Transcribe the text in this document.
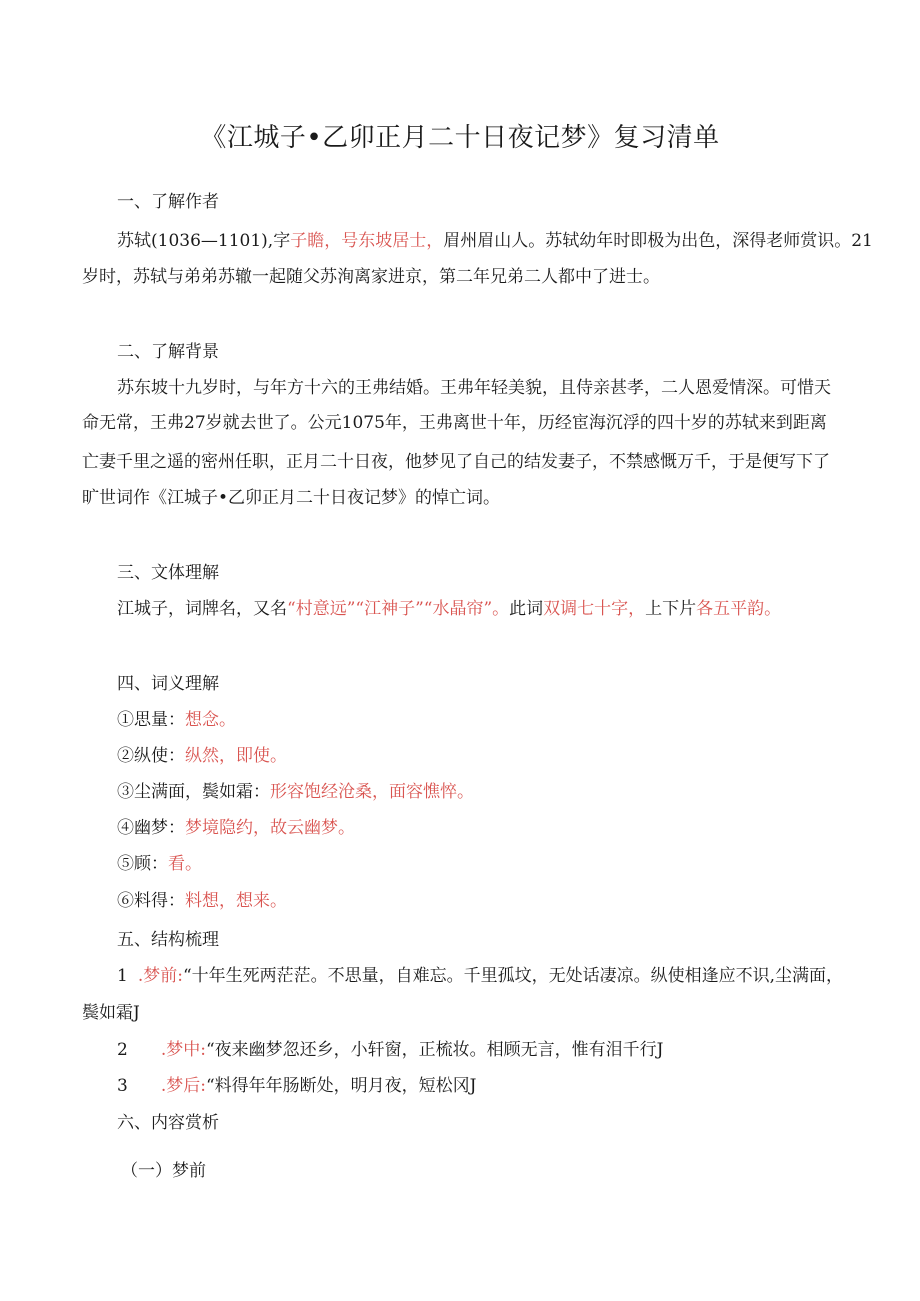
《江城子•乙卯正月二十日夜记梦》复习清单
一、了解作者
苏轼(1036—1101),字子瞻，号东坡居士，眉州眉山人。苏轼幼年时即极为出色，深得老师赏识。21
岁时，苏轼与弟弟苏辙一起随父苏洵离家进京，第二年兄弟二人都中了进士。
二、了解背景
苏东坡十九岁时，与年方十六的王弗结婚。王弗年轻美貌，且侍亲甚孝，二人恩爱情深。可惜天
命无常，王弗27岁就去世了。公元1075年，王弗离世十年，历经宦海沉浮的四十岁的苏轼来到距离
亡妻千里之遥的密州任职，正月二十日夜，他梦见了自己的结发妻子，不禁感慨万千，于是便写下了
旷世词作《江城子•乙卯正月二十日夜记梦》的悼亡词。
三、文体理解
江城子，词牌名，又名“村意远”“江神子”“水晶帘”。此词双调七十字，上下片各五平韵。
四、词义理解
①思量：想念。
②纵使：纵然，即使。
③尘满面，鬓如霜：形容饱经沧桑，面容憔悴。
④幽梦：梦境隐约，故云幽梦。
⑤顾：看。
⑥料得：料想，想来。
五、结构梳理
1 .梦前:“十年生死两茫茫。不思量，自难忘。千里孤坟，无处话凄凉。纵使相逢应不识,尘满面，
鬓如霜J
2 .梦中:“夜来幽梦忽还乡，小轩窗，正梳妆。相顾无言，惟有泪千行J
3 .梦后:“料得年年肠断处，明月夜，短松冈J
六、内容赏析
（一）梦前
